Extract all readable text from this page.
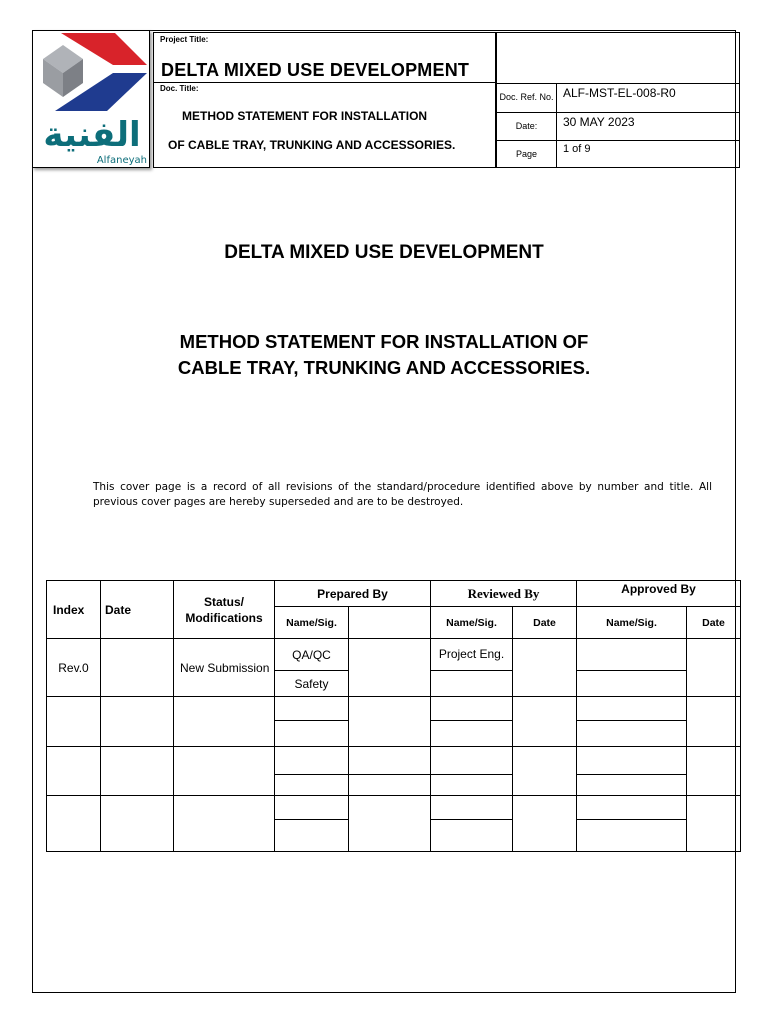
الفنية
Alfaneyah
Project Title:
DELTA MIXED USE DEVELOPMENT
Doc. Title:
METHOD STATEMENT FOR INSTALLATION
OF CABLE TRAY, TRUNKING AND ACCESSORIES.
Doc. Ref. No. ALF-MST-EL-008-R0
Date:	30 MAY 2023
Page	1 of 9
DELTA MIXED USE DEVELOPMENT
METHOD STATEMENT FOR INSTALLATION OF
CABLE TRAY, TRUNKING AND ACCESSORIES.
This cover page is a record of all revisions of the standard/procedure identified above by number and title. All previous cover pages are hereby superseded and are to be destroyed.
Index	Date	Status/ Modifications	Prepared By		Reviewed By		Approved By	
			Name/Sig.		Name/Sig.	Date	Name/Sig.	Date
Rev.0		New Submission	QA/QC		Project Eng.			
			Safety					
